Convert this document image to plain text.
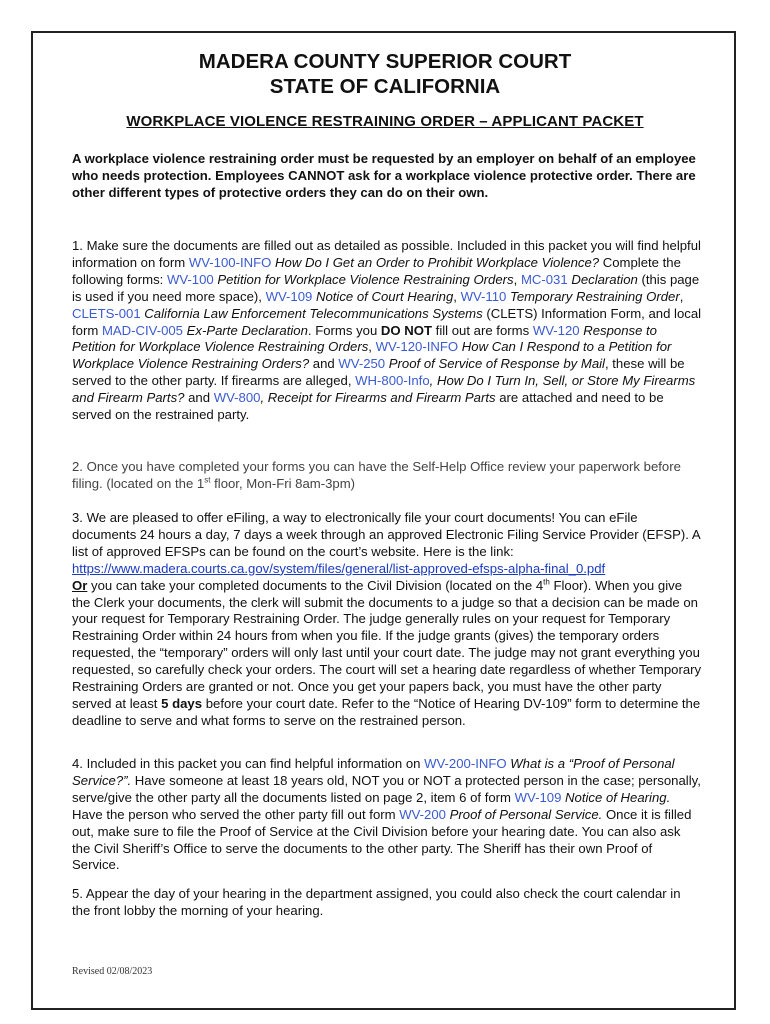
MADERA COUNTY SUPERIOR COURT
STATE OF CALIFORNIA
WORKPLACE VIOLENCE RESTRAINING ORDER – APPLICANT PACKET
A workplace violence restraining order must be requested by an employer on behalf of an employee who needs protection. Employees CANNOT ask for a workplace violence protective order. There are other different types of protective orders they can do on their own.
1. Make sure the documents are filled out as detailed as possible. Included in this packet you will find helpful information on form WV-100-INFO How Do I Get an Order to Prohibit Workplace Violence? Complete the following forms: WV-100 Petition for Workplace Violence Restraining Orders, MC-031 Declaration (this page is used if you need more space), WV-109 Notice of Court Hearing, WV-110 Temporary Restraining Order, CLETS-001 California Law Enforcement Telecommunications Systems (CLETS) Information Form, and local form MAD-CIV-005 Ex-Parte Declaration. Forms you DO NOT fill out are forms WV-120 Response to Petition for Workplace Violence Restraining Orders, WV-120-INFO How Can I Respond to a Petition for Workplace Violence Restraining Orders? and WV-250 Proof of Service of Response by Mail, these will be served to the other party. If firearms are alleged, WH-800-Info, How Do I Turn In, Sell, or Store My Firearms and Firearm Parts? and WV-800, Receipt for Firearms and Firearm Parts are attached and need to be served on the restrained party.
2. Once you have completed your forms you can have the Self-Help Office review your paperwork before filing. (located on the 1st floor, Mon-Fri 8am-3pm)
3. We are pleased to offer eFiling, a way to electronically file your court documents! You can eFile documents 24 hours a day, 7 days a week through an approved Electronic Filing Service Provider (EFSP). A list of approved EFSPs can be found on the court’s website. Here is the link:
https://www.madera.courts.ca.gov/system/files/general/list-approved-efsps-alpha-final_0.pdf
Or you can take your completed documents to the Civil Division (located on the 4th Floor). When you give the Clerk your documents, the clerk will submit the documents to a judge so that a decision can be made on your request for Temporary Restraining Order. The judge generally rules on your request for Temporary Restraining Order within 24 hours from when you file. If the judge grants (gives) the temporary orders requested, the “temporary” orders will only last until your court date. The judge may not grant everything you requested, so carefully check your orders. The court will set a hearing date regardless of whether Temporary Restraining Orders are granted or not. Once you get your papers back, you must have the other party served at least 5 days before your court date. Refer to the “Notice of Hearing DV-109” form to determine the deadline to serve and what forms to serve on the restrained person.
4. Included in this packet you can find helpful information on WV-200-INFO What is a “Proof of Personal Service?”. Have someone at least 18 years old, NOT you or NOT a protected person in the case; personally, serve/give the other party all the documents listed on page 2, item 6 of form WV-109 Notice of Hearing. Have the person who served the other party fill out form WV-200 Proof of Personal Service. Once it is filled out, make sure to file the Proof of Service at the Civil Division before your hearing date. You can also ask the Civil Sheriff’s Office to serve the documents to the other party. The Sheriff has their own Proof of Service.
5. Appear the day of your hearing in the department assigned, you could also check the court calendar in the front lobby the morning of your hearing.
Revised 02/08/2023
